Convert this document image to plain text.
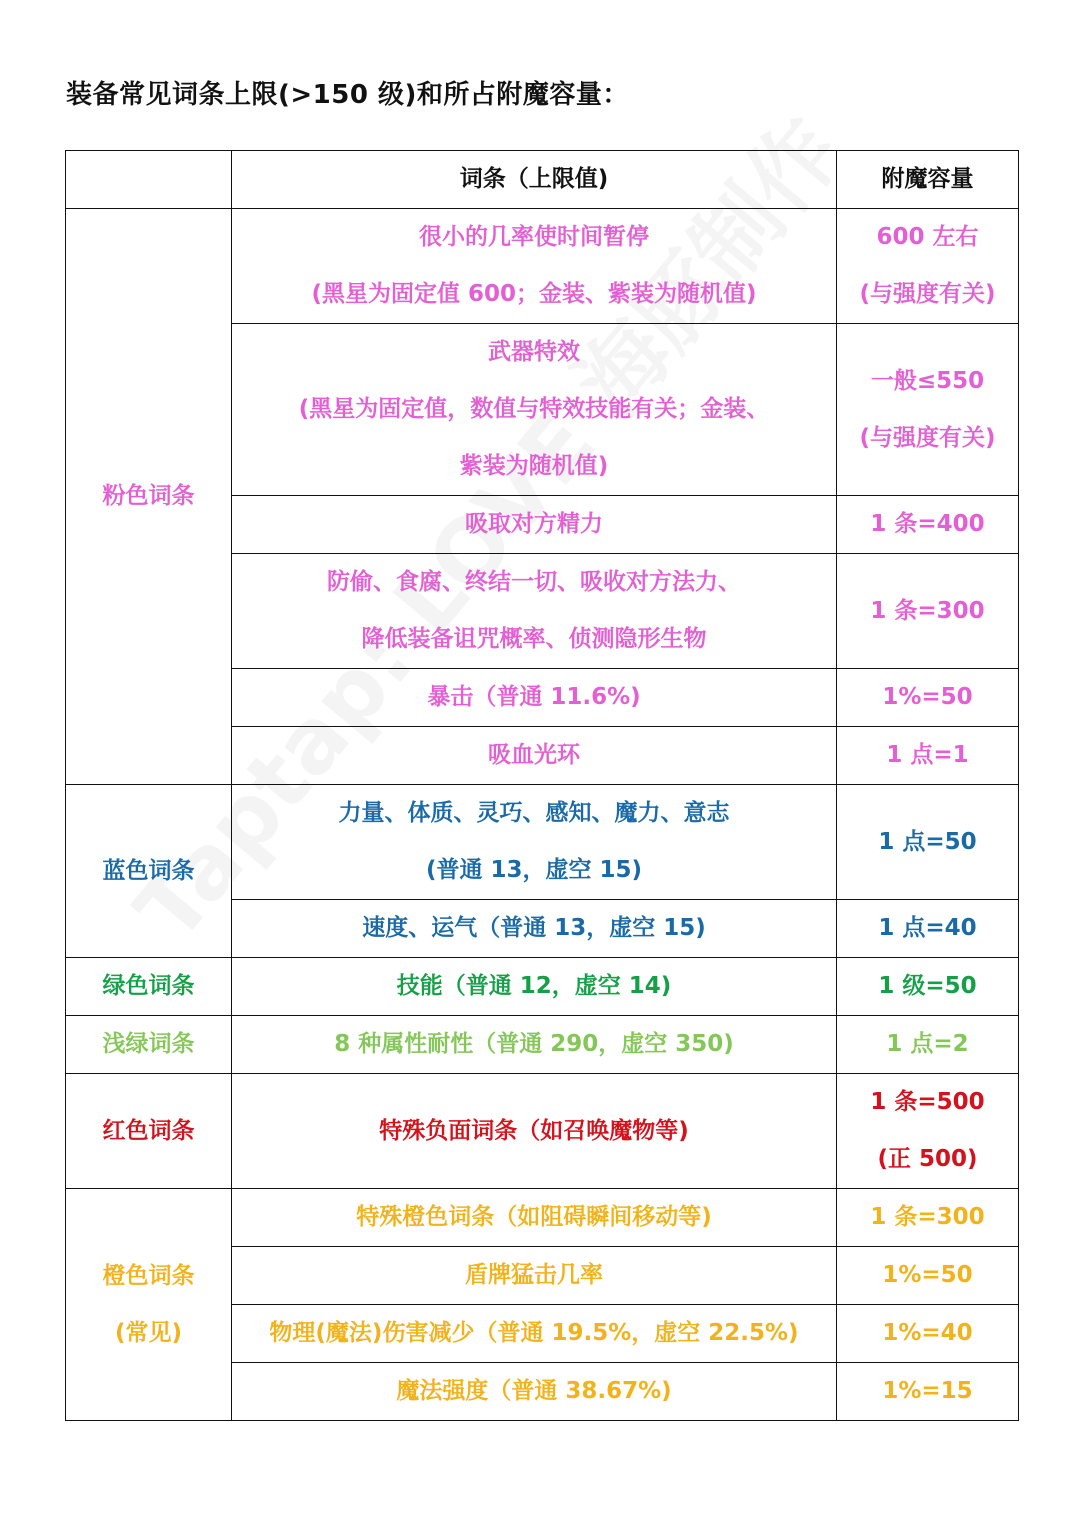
装备常见词条上限(>150 级)和所占附魔容量：
	词条（上限值)	附魔容量
粉色词条	很小的几率使时间暂停
(黑星为固定值 600；金装、紫装为随机值)	600 左右
(与强度有关)

	武器特效
(黑星为固定值，数值与特效技能有关；金装、
紫装为随机值)	一般≤550
(与强度有关)

	吸取对方精力	1 条=400

	防偷、食腐、终结一切、吸收对方法力、
降低装备诅咒概率、侦测隐形生物	1 条=300

	暴击（普通 11.6%)	1%=50

	吸血光环	1 点=1

蓝色词条	力量、体质、灵巧、感知、魔力、意志
(普通 13，虚空 15)	1 点=50

	速度、运气（普通 13，虚空 15)	1 点=40

绿色词条	技能（普通 12，虚空 14)	1 级=50

浅绿词条	8 种属性耐性（普通 290，虚空 350)	1 点=2

红色词条	特殊负面词条（如召唤魔物等)	1 条=500
(正 500)

橙色词条
(常见)	特殊橙色词条（如阻碍瞬间移动等)	1 条=300

	盾牌猛击几率	1%=50

	物理(魔法)伤害减少（普通 19.5%，虚空 22.5%)	1%=40

	魔法强度（普通 38.67%)	1%=15
